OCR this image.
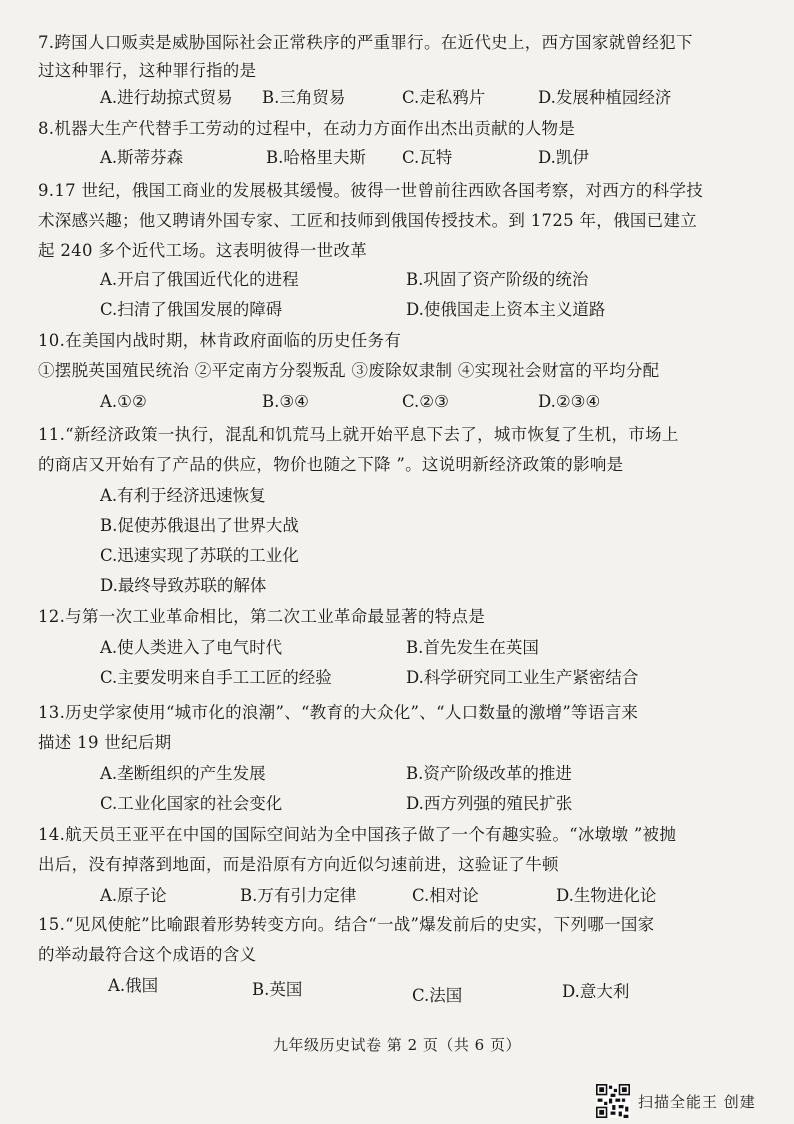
7.跨国人口贩卖是威胁国际社会正常秩序的严重罪行。在近代史上，西方国家就曾经犯下
过这种罪行，这种罪行指的是
A.进行劫掠式贸易 B.三角贸易	C.走私鸦片	D.发展种植园经济
8.机器大生产代替手工劳动的过程中，在动力方面作出杰出贡献的人物是
A.斯蒂芬森	B.哈格里夫斯 C.瓦特	D.凯伊
9.17 世纪，俄国工商业的发展极其缓慢。彼得一世曾前往西欧各国考察，对西方的科学技
术深感兴趣；他又聘请外国专家、工匠和技师到俄国传授技术。到 1725 年，俄国已建立
起 240 多个近代工场。这表明彼得一世改革
A.开启了俄国近代化的进程	B.巩固了资产阶级的统治
C.扫清了俄国发展的障碍	D.使俄国走上资本主义道路
10.在美国内战时期，林肯政府面临的历史任务有
①摆脱英国殖民统治 ②平定南方分裂叛乱 ③废除奴隶制 ④实现社会财富的平均分配
A.①②	B.③④	C.②③	D.②③④
11.“新经济政策一执行，混乱和饥荒马上就开始平息下去了，城市恢复了生机，市场上
的商店又开始有了产品的供应，物价也随之下降 ”。这说明新经济政策的影响是
A.有利于经济迅速恢复
B.促使苏俄退出了世界大战
C.迅速实现了苏联的工业化
D.最终导致苏联的解体
12.与第一次工业革命相比，第二次工业革命最显著的特点是
A.使人类进入了电气时代	B.首先发生在英国
C.主要发明来自手工工匠的经验	D.科学研究同工业生产紧密结合
13.历史学家使用“城市化的浪潮”、“教育的大众化”、“人口数量的激增”等语言来
描述 19 世纪后期
A.垄断组织的产生发展	B.资产阶级改革的推进
C.工业化国家的社会变化	D.西方列强的殖民扩张
14.航天员王亚平在中国的国际空间站为全中国孩子做了一个有趣实验。“冰墩墩 ”被抛
出后，没有掉落到地面，而是沿原有方向近似匀速前进，这验证了牛顿
A.原子论	B.万有引力定律	C.相对论	D.生物进化论
15.“见风使舵”比喻跟着形势转变方向。结合“一战”爆发前后的史实，下列哪一国家
的举动最符合这个成语的含义
A.俄国	B.英国	C.法国	D.意大利
九年级历史试卷 第 2 页（共 6 页）
扫描全能王 创建
